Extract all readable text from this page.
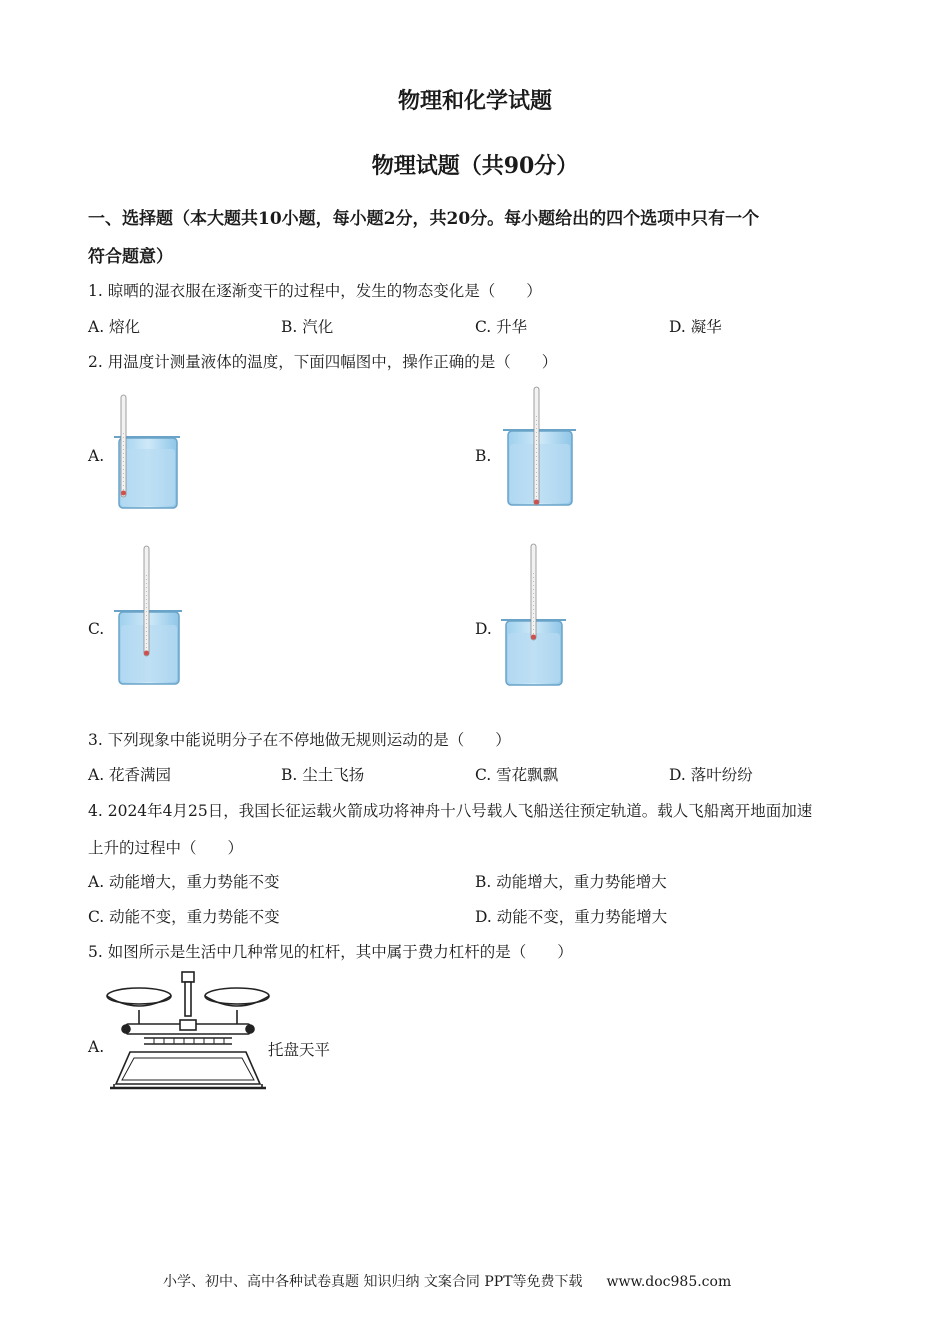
物理和化学试题
物理试题（共90分）
一、选择题（本大题共10小题，每小题2分，共20分。每小题给出的四个选项中只有一个
符合题意）
1. 晾晒的湿衣服在逐渐变干的过程中，发生的物态变化是（　　）
A. 熔化	B. 汽化	C. 升华	D. 凝华
2. 用温度计测量液体的温度，下面四幅图中，操作正确的是（　　）
A.	B.
C.	D.
3. 下列现象中能说明分子在不停地做无规则运动的是（　　）
A. 花香满园	B. 尘土飞扬	C. 雪花飘飘	D. 落叶纷纷
4. 2024年4月25日，我国长征运载火箭成功将神舟十八号载人飞船送往预定轨道。载人飞船离开地面加速
上升的过程中（　　）
A. 动能增大，重力势能不变	B. 动能增大，重力势能增大
C. 动能不变，重力势能不变	D. 动能不变，重力势能增大
5. 如图所示是生活中几种常见的杠杆，其中属于费力杠杆的是（　　）
A.	托盘天平
小学、初中、高中各种试卷真题 知识归纳 文案合同 PPT等免费下载 www.doc985.com
